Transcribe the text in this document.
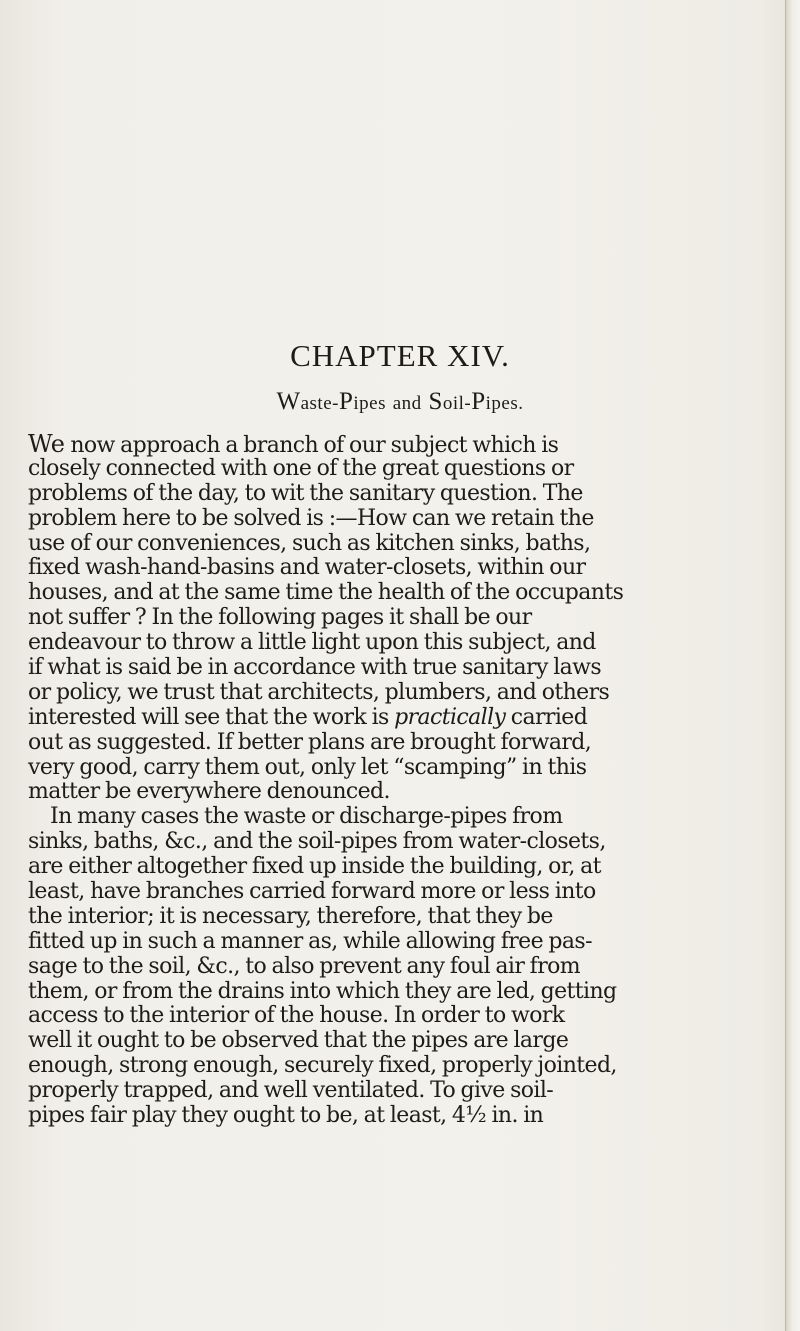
CHAPTER XIV.
Waste-Pipes and Soil-Pipes.
We now approach a branch of our subject which is
closely connected with one of the great questions or
problems of the day, to wit the sanitary question. The
problem here to be solved is :—How can we retain the
use of our conveniences, such as kitchen sinks, baths,
fixed wash-hand-basins and water-closets, within our
houses, and at the same time the health of the occupants
not suffer ? In the following pages it shall be our
endeavour to throw a little light upon this subject, and
if what is said be in accordance with true sanitary laws
or policy, we trust that architects, plumbers, and others
interested will see that the work is practically carried
out as suggested. If better plans are brought forward,
very good, carry them out, only let “scamping” in this
matter be everywhere denounced.
In many cases the waste or discharge-pipes from
sinks, baths, &c., and the soil-pipes from water-closets,
are either altogether fixed up inside the building, or, at
least, have branches carried forward more or less into
the interior; it is necessary, therefore, that they be
fitted up in such a manner as, while allowing free pas-
sage to the soil, &c., to also prevent any foul air from
them, or from the drains into which they are led, getting
access to the interior of the house. In order to work
well it ought to be observed that the pipes are large
enough, strong enough, securely fixed, properly jointed,
properly trapped, and well ventilated. To give soil-
pipes fair play they ought to be, at least, 4½ in. in
